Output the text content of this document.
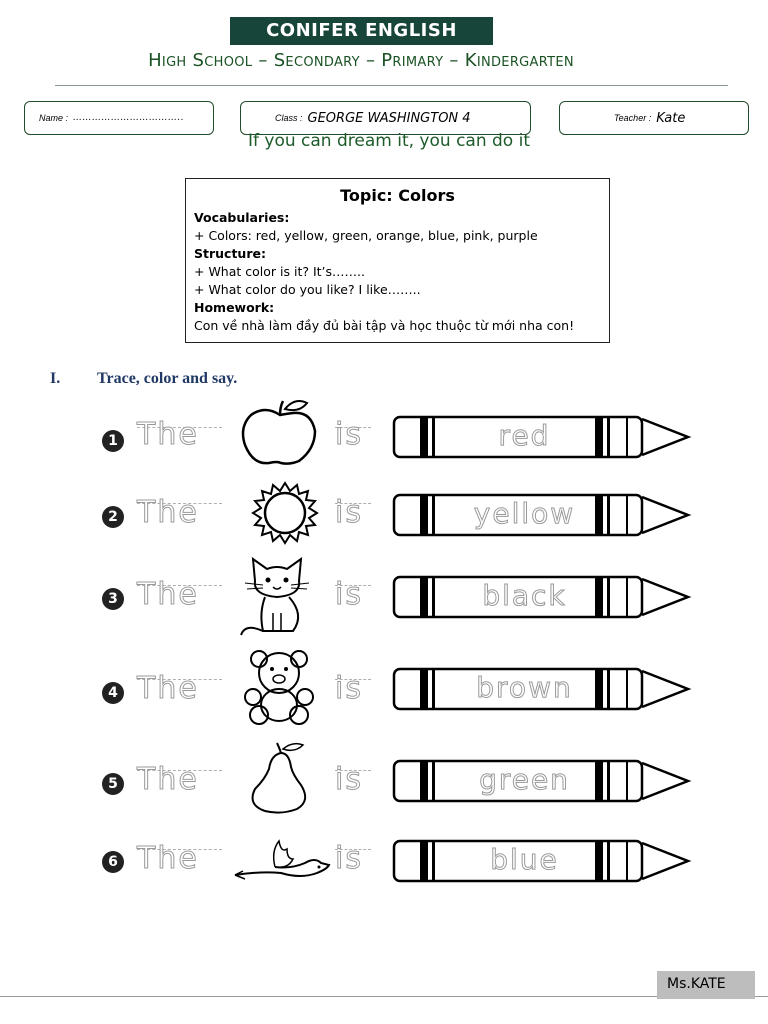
CONIFER ENGLISH
High School – Secondary – Primary – Kindergarten
Name : ……………………………..	Class : GEORGE WASHINGTON 4	Teacher : Kate
If you can dream it, you can do it
Topic: Colors
Vocabularies:
+ Colors: red, yellow, green, orange, blue, pink, purple
Structure:
+ What color is it? It’s……..
+ What color do you like? I like……..
Homework:
Con về nhà làm đầy đủ bài tập và học thuộc từ mới nha con!
I. Trace, color and say.
1 The	is	red
2 The	is	yellow
3 The	is	black
4 The	is	brown
5 The	is	green
6 The	is	blue
Ms.KATE
